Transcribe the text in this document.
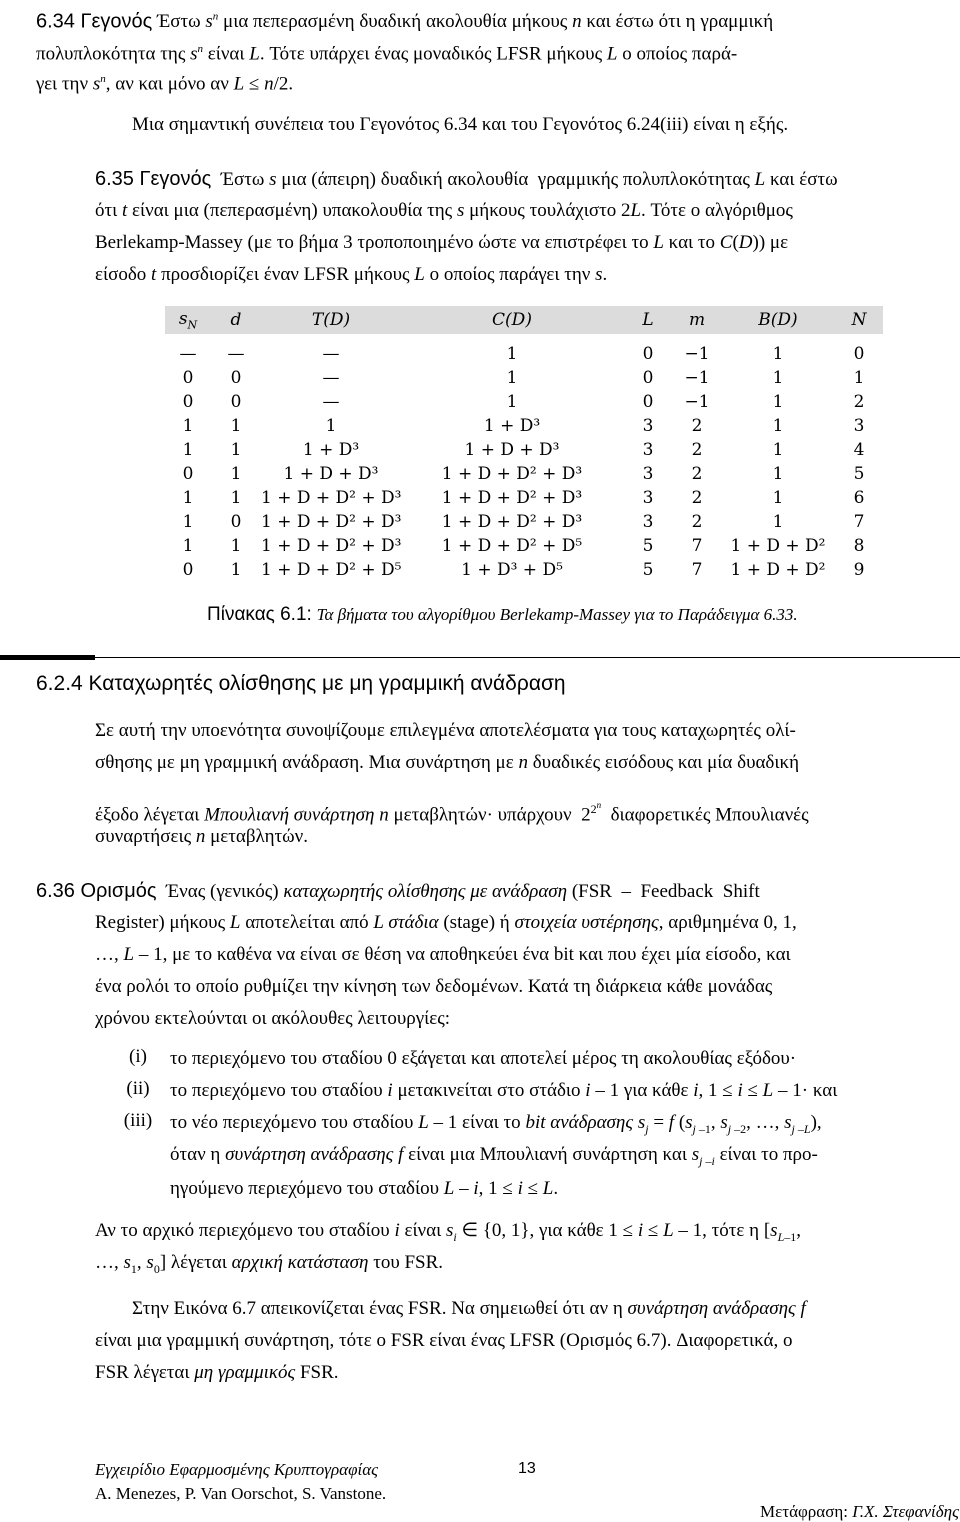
6.34 Γεγονός Έστω $s^n$ μια πεπερασμένη δυαδική ακολουθία μήκους n και έστω ότι η γραμμική
πολυπλοκότητα της $s^n$ είναι L. Τότε υπάρχει ένας μοναδικός LFSR μήκους L ο οποίος παρά-
γει την $s^n$, αν και μόνο αν L ≤ n/2.
Μια σημαντική συνέπεια του Γεγονότος 6.34 και του Γεγονότος 6.24(iii) είναι η εξής.
6.35 Γεγονός  Έστω s μια (άπειρη) δυαδική ακολουθία  γραμμικής πολυπλοκότητας L και έστω
ότι t είναι μια (πεπερασμένη) υπακολουθία της s μήκους τουλάχιστο 2L. Τότε ο αλγόριθμος
Berlekamp-Massey (με το βήμα 3 τροποποιημένο ώστε να επιστρέφει το L και το C(D)) με
είσοδο t προσδιορίζει έναν LFSR μήκους L ο οποίος παράγει την s.
$s_N$	d	T(D)	C(D)	L	m	B(D)	N
—	—	—	1	0	−1	1	0
0	0	—	1	0	−1	1	1
0	0	—	1	0	−1	1	2
1	1	1	1 + D³	3	2	1	3
1	1	1 + D³	1 + D + D³	3	2	1	4
0	1	1 + D + D³	1 + D + D² + D³	3	2	1	5
1	1	1 + D + D² + D³	1 + D + D² + D³	3	2	1	6
1	0	1 + D + D² + D³	1 + D + D² + D³	3	2	1	7
1	1	1 + D + D² + D³	1 + D + D² + D⁵	5	7	1 + D + D²	8
0	1	1 + D + D² + D⁵	1 + D³ + D⁵	5	7	1 + D + D²	9
Πίνακας 6.1: Τα βήματα του αλγορίθμου Berlekamp-Massey για το Παράδειγμα 6.33.
6.2.4 Καταχωρητές ολίσθησης με μη γραμμική ανάδραση
Σε αυτή την υποενότητα συνοψίζουμε επιλεγμένα αποτελέσματα για τους καταχωρητές ολί-
σθησης με μη γραμμική ανάδραση. Μια συνάρτηση με n δυαδικές εισόδους και μία δυαδική
έξοδο λέγεται Μπουλιανή συνάρτηση n μεταβλητών· υπάρχουν  $2^{2^n}$  διαφορετικές Μπουλιανές
συναρτήσεις n μεταβλητών.
6.36 Ορισμός  Ένας (γενικός) καταχωρητής ολίσθησης με ανάδραση (FSR  –  Feedback  Shift
Register) μήκους L αποτελείται από L στάδια (stage) ή στοιχεία υστέρησης, αριθμημένα 0, 1,
…, L – 1, με το καθένα να είναι σε θέση να αποθηκεύει ένα bit και που έχει μία είσοδο, και
ένα ρολόι το οποίο ρυθμίζει την κίνηση των δεδομένων. Κατά τη διάρκεια κάθε μονάδας
χρόνου εκτελούνται οι ακόλουθες λειτουργίες:
(i)	το περιεχόμενο του σταδίου 0 εξάγεται και αποτελεί μέρος τη ακολουθίας εξόδου·
(ii)	το περιεχόμενο του σταδίου i μετακινείται στο στάδιο i – 1 για κάθε i, 1 ≤ i ≤ L – 1· και
(iii) το νέο περιεχόμενο του σταδίου L – 1 είναι το bit ανάδρασης $s_j = f$ ($s_{j -1}$, $s_{j -2}$, …, $s_{j -L}$),
όταν η συνάρτηση ανάδρασης f είναι μια Μπουλιανή συνάρτηση και $s_{j -i}$ είναι το προ-
ηγούμενο περιεχόμενο του σταδίου L – i, 1 ≤ i ≤ L.
Αν το αρχικό περιεχόμενο του σταδίου i είναι $s_i$ ∈ {0, 1}, για κάθε 1 ≤ i ≤ L – 1, τότε η [$s_{L-1}$,
…, $s_1$, $s_0$] λέγεται αρχική κατάσταση του FSR.
Στην Εικόνα 6.7 απεικονίζεται ένας FSR. Να σημειωθεί ότι αν η συνάρτηση ανάδρασης f
είναι μια γραμμική συνάρτηση, τότε ο FSR είναι ένας LFSR (Ορισμός 6.7). Διαφορετικά, ο
FSR λέγεται μη γραμμικός FSR.
Εγχειρίδιο Εφαρμοσμένης Κρυπτογραφίας	13
A. Menezes, P. Van Oorschot, S. Vanstone.
Μετάφραση: Γ.Χ. Στεφανίδης
